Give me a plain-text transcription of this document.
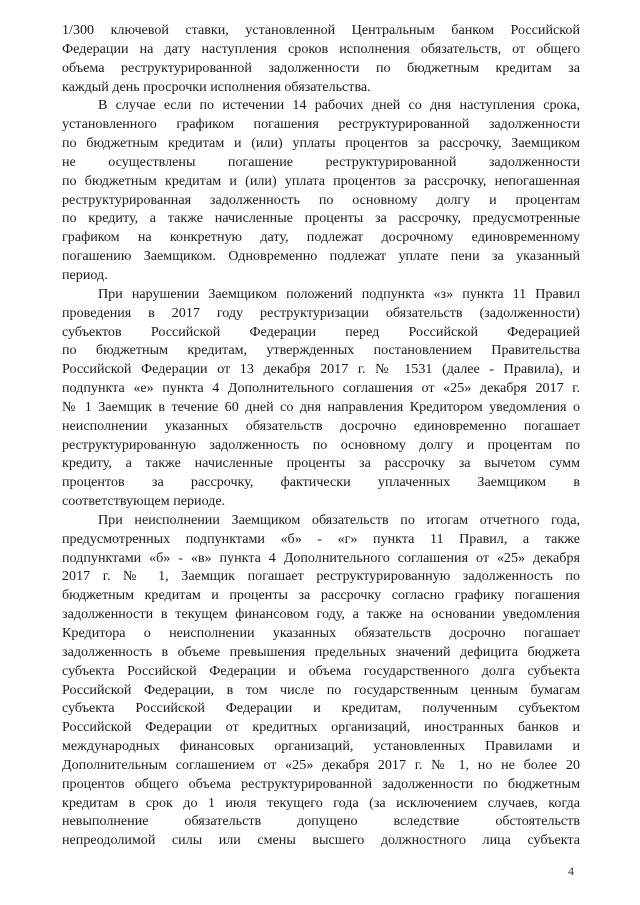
1/300 ключевой ставки, установленной Центральным банком Российской
Федерации на дату наступления сроков исполнения обязательств, от общего
объема реструктурированной задолженности по бюджетным кредитам за
каждый день просрочки исполнения обязательства.
В случае если по истечении 14 рабочих дней со дня наступления срока,
установленного графиком погашения реструктурированной задолженности
по бюджетным кредитам и (или) уплаты процентов за рассрочку, Заемщиком
не осуществлены погашение реструктурированной задолженности
по бюджетным кредитам и (или) уплата процентов за рассрочку, непогашенная
реструктурированная задолженность по основному долгу и процентам
по кредиту, а также начисленные проценты за рассрочку, предусмотренные
графиком на конкретную дату, подлежат досрочному единовременному
погашению Заемщиком. Одновременно подлежат уплате пени за указанный
период.
При нарушении Заемщиком положений подпункта «з» пункта 11 Правил
проведения в 2017 году реструктуризации обязательств (задолженности)
субъектов Российской Федерации перед Российской Федерацией
по бюджетным кредитам, утвержденных постановлением Правительства
Российской Федерации от 13 декабря 2017 г. № 1531 (далее - Правила), и
подпункта «е» пункта 4 Дополнительного соглашения от «25» декабря 2017 г.
№ 1 Заемщик в течение 60 дней со дня направления Кредитором уведомления о
неисполнении указанных обязательств досрочно единовременно погашает
реструктурированную задолженность по основному долгу и процентам по
кредиту, а также начисленные проценты за рассрочку за вычетом сумм
процентов за рассрочку, фактически уплаченных Заемщиком в
соответствующем периоде.
При неисполнении Заемщиком обязательств по итогам отчетного года,
предусмотренных подпунктами «б» - «г» пункта 11 Правил, а также
подпунктами «б» - «в» пункта 4 Дополнительного соглашения от «25» декабря
2017 г. № 1, Заемщик погашает реструктурированную задолженность по
бюджетным кредитам и проценты за рассрочку согласно графику погашения
задолженности в текущем финансовом году, а также на основании уведомления
Кредитора о неисполнении указанных обязательств досрочно погашает
задолженность в объеме превышения предельных значений дефицита бюджета
субъекта Российской Федерации и объема государственного долга субъекта
Российской Федерации, в том числе по государственным ценным бумагам
субъекта Российской Федерации и кредитам, полученным субъектом
Российской Федерации от кредитных организаций, иностранных банков и
международных финансовых организаций, установленных Правилами и
Дополнительным соглашением от «25» декабря 2017 г. № 1, но не более 20
процентов общего объема реструктурированной задолженности по бюджетным
кредитам в срок до 1 июля текущего года (за исключением случаев, когда
невыполнение обязательств допущено вследствие обстоятельств
непреодолимой силы или смены высшего должностного лица субъекта
4
